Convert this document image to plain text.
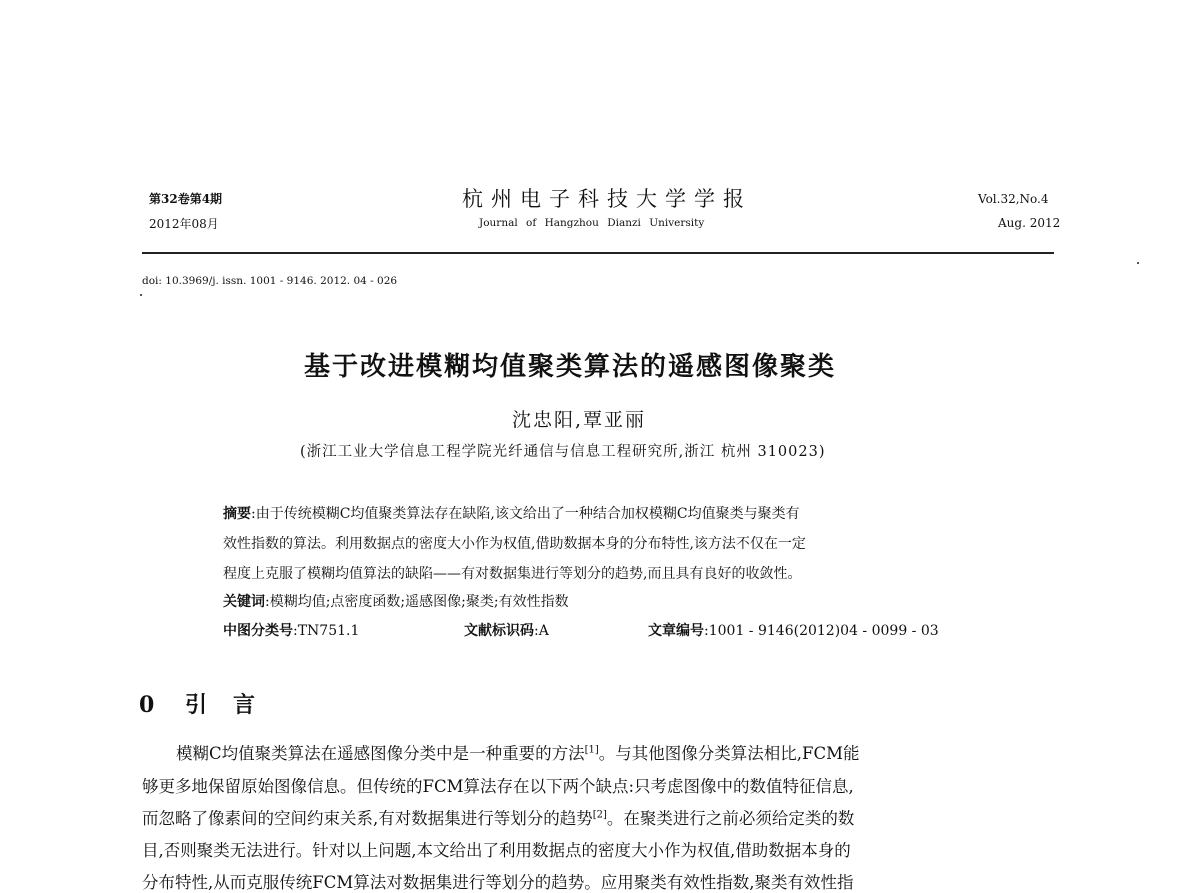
第32卷第4期
2012年08月
杭州电子科技大学学报
Journal of Hangzhou Dianzi University
Vol.32,No.4
Aug. 2012
doi: 10.3969/j. issn. 1001 - 9146. 2012. 04 - 026
基于改进模糊均值聚类算法的遥感图像聚类
沈忠阳,覃亚丽
(浙江工业大学信息工程学院光纤通信与信息工程研究所,浙江 杭州 310023)
摘要:由于传统模糊C均值聚类算法存在缺陷,该文给出了一种结合加权模糊C均值聚类与聚类有
效性指数的算法。利用数据点的密度大小作为权值,借助数据本身的分布特性,该方法不仅在一定
程度上克服了模糊均值算法的缺陷——有对数据集进行等划分的趋势,而且具有良好的收敛性。
关键词:模糊均值;点密度函数;遥感图像;聚类;有效性指数
中图分类号:TN751.1	文献标识码:A	文章编号:1001 - 9146(2012)04 - 0099 - 03
0 引言
模糊C均值聚类算法在遥感图像分类中是一种重要的方法[1]。与其他图像分类算法相比,FCM能
够更多地保留原始图像信息。但传统的FCM算法存在以下两个缺点:只考虑图像中的数值特征信息,
而忽略了像素间的空间约束关系,有对数据集进行等划分的趋势[2]。在聚类进行之前必须给定类的数
目,否则聚类无法进行。针对以上问题,本文给出了利用数据点的密度大小作为权值,借助数据本身的
分布特性,从而克服传统FCM算法对数据集进行等划分的趋势。应用聚类有效性指数,聚类有效性指
